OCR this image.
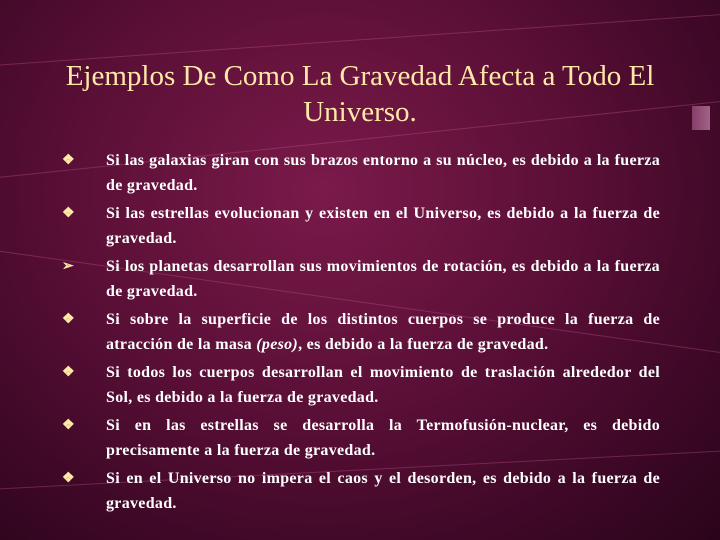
Ejemplos De Como La Gravedad Afecta a Todo El Universo.
❖	Si las galaxias giran con sus brazos entorno a su núcleo, es debido a la fuerza de gravedad.
❖	Si las estrellas evolucionan y existen en el Universo, es debido a la fuerza de gravedad.
➢	Si los planetas desarrollan sus movimientos de rotación, es debido a la fuerza de gravedad.
❖	Si sobre la superficie de los distintos cuerpos se produce la fuerza de atracción de la masa (peso), es debido a la fuerza de gravedad.
❖	Si todos los cuerpos desarrollan el movimiento de traslación alrededor del Sol, es debido a la fuerza de gravedad.
❖	Si en las estrellas se desarrolla la Termofusión-nuclear, es debido precisamente a la fuerza de gravedad.
❖	Si en el Universo no impera el caos y el desorden, es debido a la fuerza de gravedad.
